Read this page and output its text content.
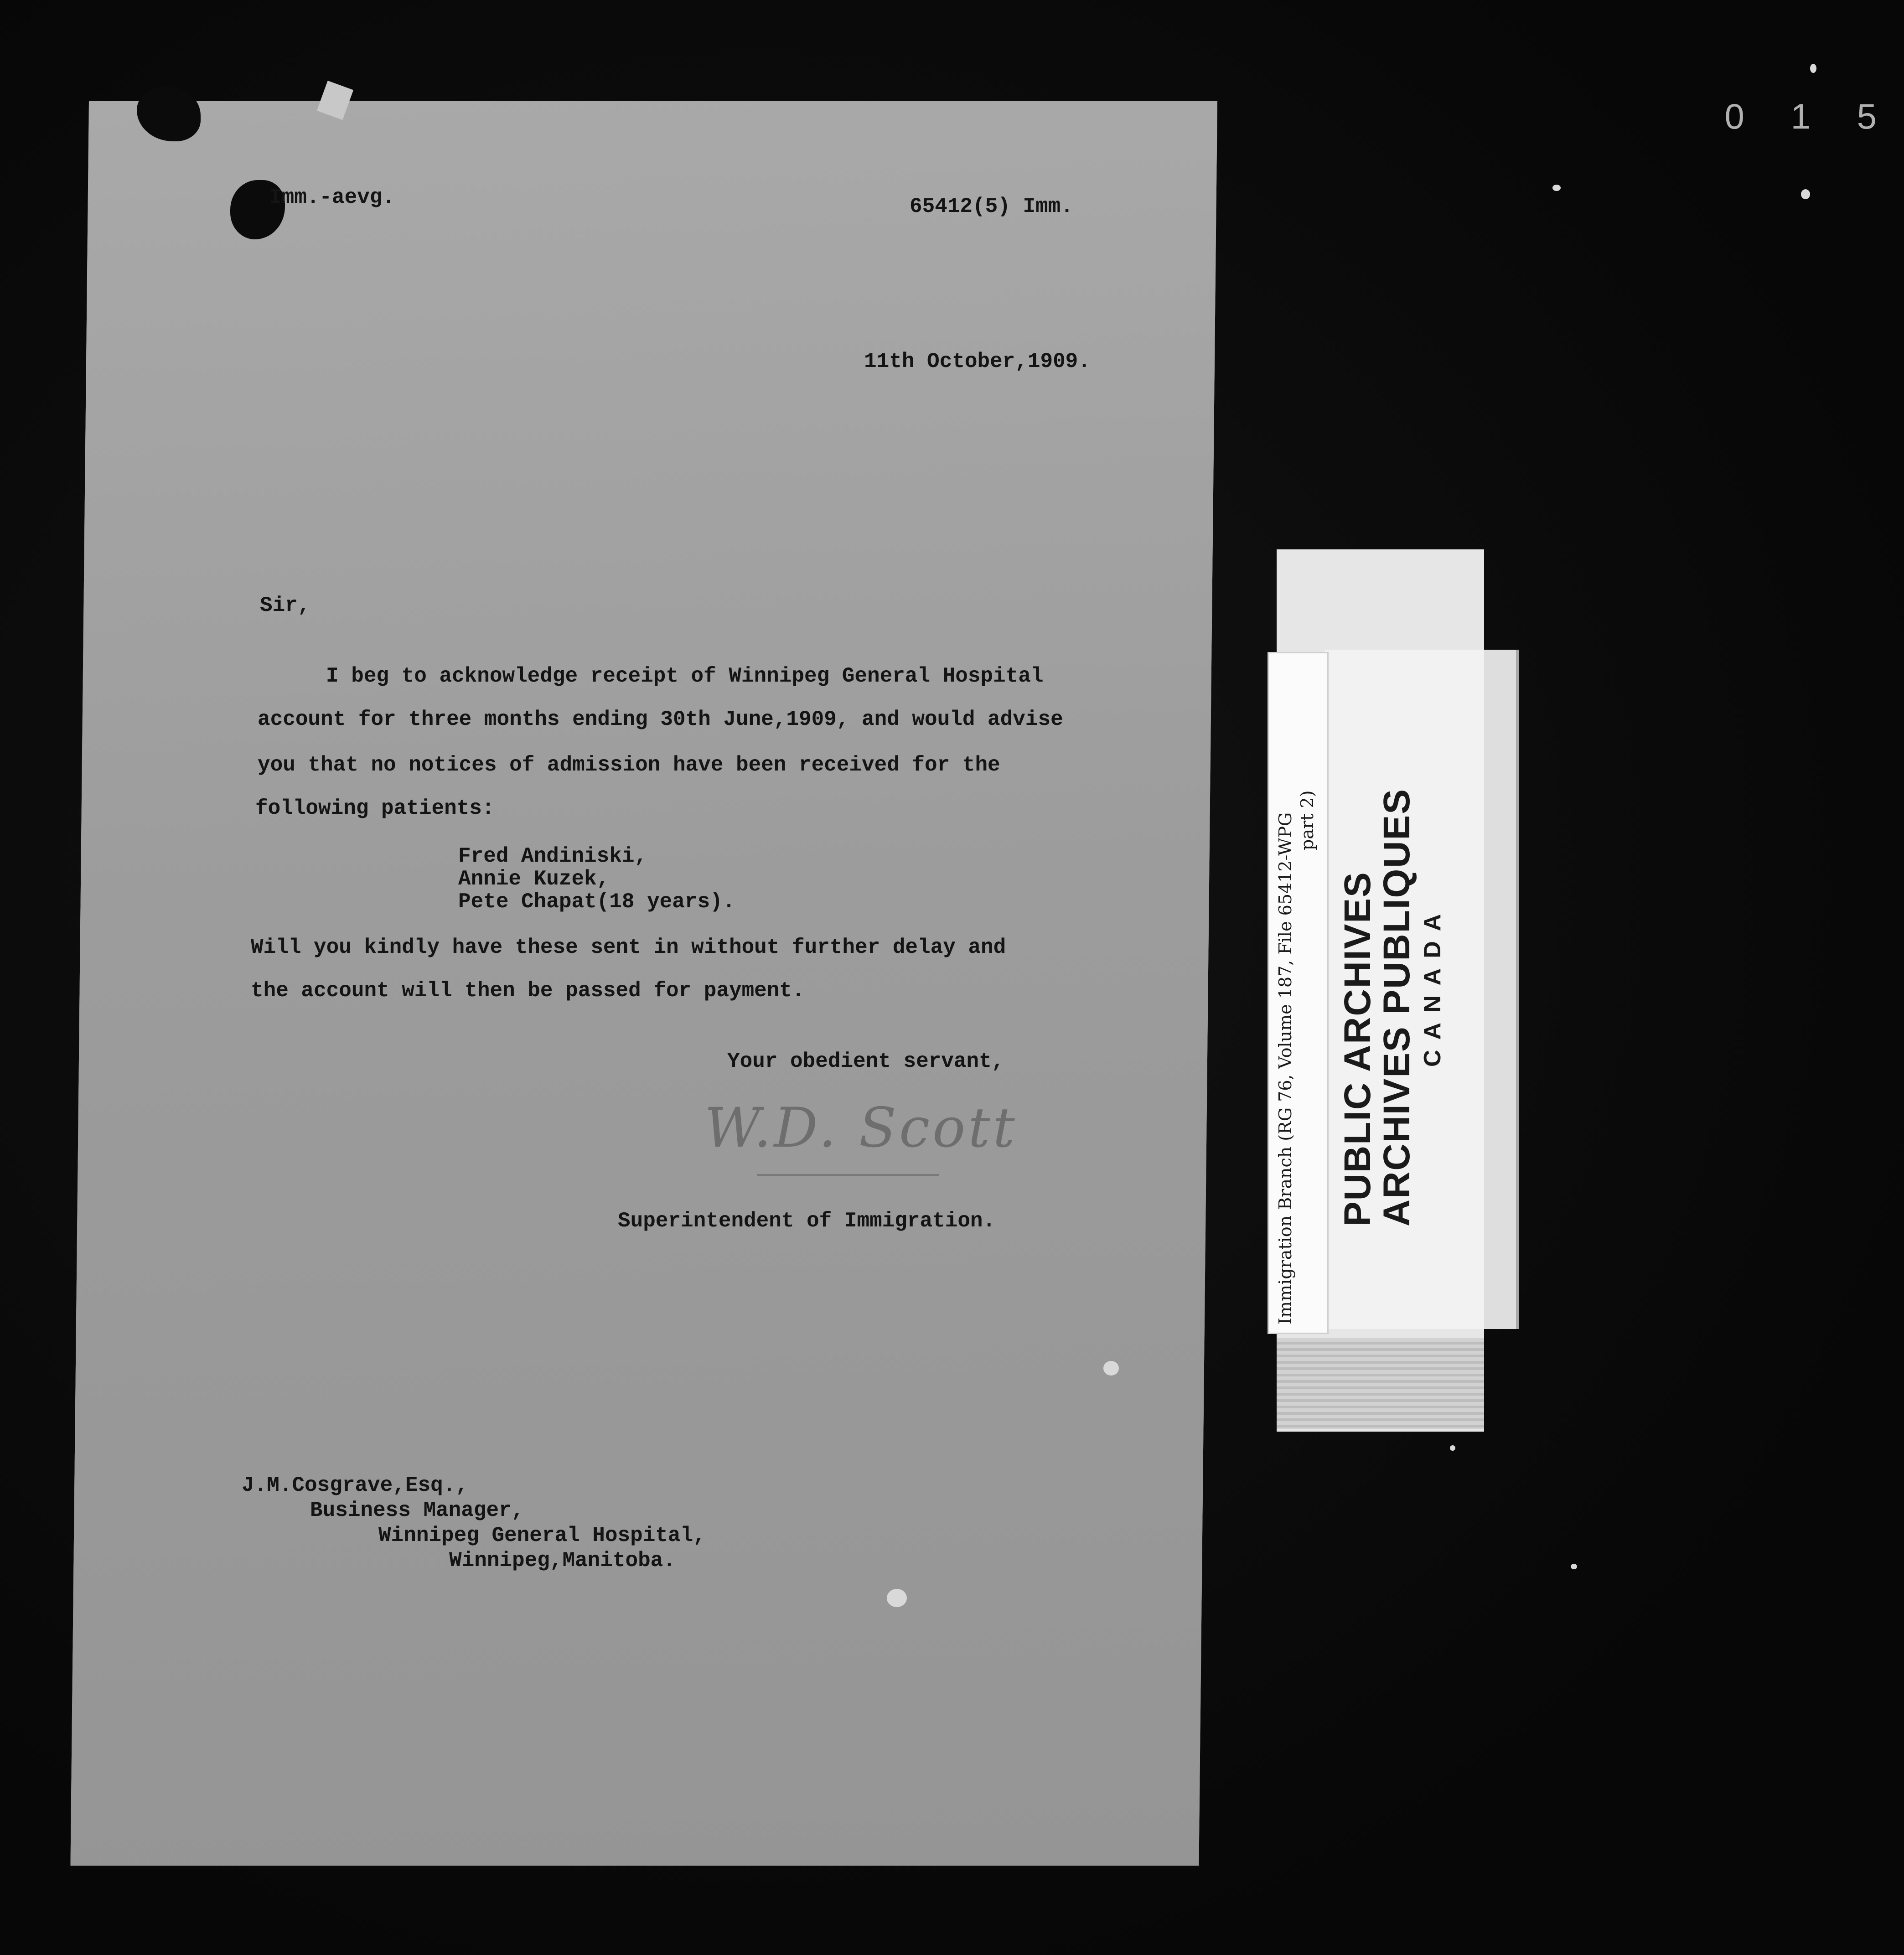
0 1 5
Imm.-aevg.	65412(5) Imm.
11th October,1909.
Sir,
I beg to acknowledge receipt of Winnipeg General Hospital
account for three months ending 30th June,1909, and would advise
you that no notices of admission have been received for the
following patients:
Fred Andiniski,
Annie Kuzek,
Pete Chapat(18 years).
Will you kindly have these sent in without further delay and
the account will then be passed for payment.
Your obedient servant,
W.D. Scott
Superintendent of Immigration.
J.M.Cosgrave,Esq.,
Business Manager,
Winnipeg General Hospital,
Winnipeg,Manitoba.
Immigration Branch (RG 76, Volume 187, File 65412-WPG part 2)
PUBLIC ARCHIVES
ARCHIVES PUBLIQUES CANADA
